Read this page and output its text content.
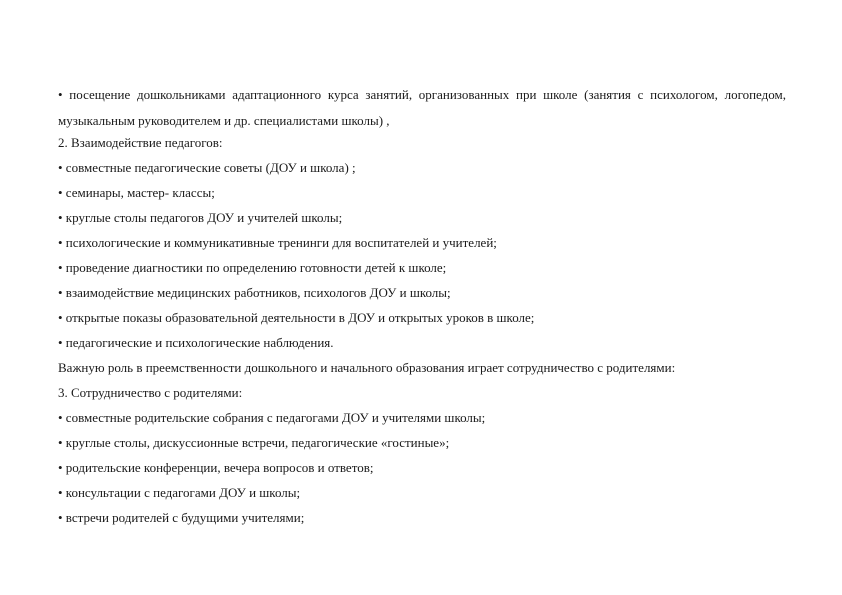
• посещение дошкольниками адаптационного курса занятий, организованных при школе (занятия с психологом, логопедом, музыкальным руководителем и др. специалистами школы) ,

2. Взаимодействие педагогов:

• совместные педагогические советы (ДОУ и школа) ;

• семинары, мастер- классы;

• круглые столы педагогов ДОУ и учителей школы;

• психологические и коммуникативные тренинги для воспитателей и учителей;

• проведение диагностики по определению готовности детей к школе;

• взаимодействие медицинских работников, психологов ДОУ и школы;

• открытые показы образовательной деятельности в ДОУ и открытых уроков в школе;

• педагогические и психологические наблюдения.

Важную роль в преемственности дошкольного и начального образования играет сотрудничество с родителями:

3. Сотрудничество с родителями:

• совместные родительские собрания с педагогами ДОУ и учителями школы;

• круглые столы, дискуссионные встречи, педагогические «гостиные»;

• родительские конференции, вечера вопросов и ответов;

• консультации с педагогами ДОУ и школы;

• встречи родителей с будущими учителями;
